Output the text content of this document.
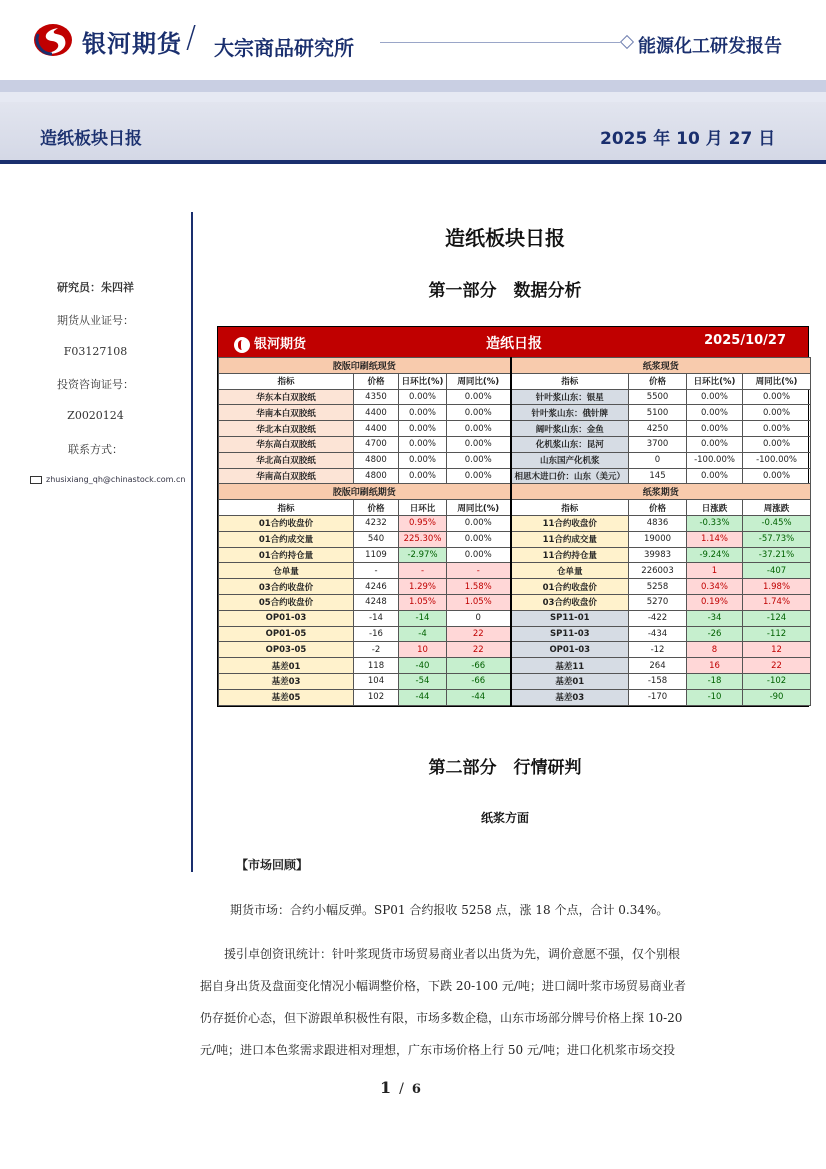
银河期货 / 大宗商品研究所	能源化工研发报告
造纸板块日报	2025 年 10 月 27 日
研究员：朱四祥
期货从业证号：
F03127108
投资咨询证号：
Z0020124
联系方式：
zhusixiang_qh@chinastock.com.cn
造纸板块日报
第一部分　数据分析
造纸日报
银河期货	2025/10/27
胶版印刷纸现货				纸浆现货			
指标	价格	日环比(%)	周同比(%)	指标	价格	日环比(%)	周同比(%)
华东本白双胶纸	4350	0.00%	0.00%	针叶浆山东：银星	5500	0.00%	0.00%
华南本白双胶纸	4400	0.00%	0.00%	针叶浆山东：俄针牌	5100	0.00%	0.00%
华北本白双胶纸	4400	0.00%	0.00%	阔叶浆山东：金鱼	4250	0.00%	0.00%
华东高白双胶纸	4700	0.00%	0.00%	化机浆山东：昆河	3700	0.00%	0.00%
华北高白双胶纸	4800	0.00%	0.00%	山东国产化机浆	0	-100.00%	-100.00%
华南高白双胶纸	4800	0.00%	0.00%	相思木进口价：山东（美元）	145	0.00%	0.00%
胶版印刷纸期货				纸浆期货			
指标	价格	日环比	周同比(%)	指标	价格	日涨跌	周涨跌
01合约收盘价	4232	0.95%	0.00%	11合约收盘价	4836	-0.33%	-0.45%
01合约成交量	540	225.30%	0.00%	11合约成交量	19000	1.14%	-57.73%
01合约持仓量	1109	-2.97%	0.00%	11合约持仓量	39983	-9.24%	-37.21%
仓单量	-	-	-	仓单量	226003	1	-407
03合约收盘价	4246	1.29%	1.58%	01合约收盘价	5258	0.34%	1.98%
05合约收盘价	4248	1.05%	1.05%	03合约收盘价	5270	0.19%	1.74%
OP01-03	-14	-14	0	SP11-01	-422	-34	-124
OP01-05	-16	-4	22	SP11-03	-434	-26	-112
OP03-05	-2	10	22	OP01-03	-12	8	12
基差01	118	-40	-66	基差11	264	16	22
基差03	104	-54	-66	基差01	-158	-18	-102
基差05	102	-44	-44	基差03	-170	-10	-90
第二部分　行情研判
纸浆方面
【市场回顾】
期货市场：合约小幅反弹。SP01 合约报收 5258 点，涨 18 个点，合计 0.34%。
　　援引卓创资讯统计：针叶浆现货市场贸易商业者以出货为先，调价意愿不强，仅个别根
据自身出货及盘面变化情况小幅调整价格，下跌 20-100 元/吨；进口阔叶浆市场贸易商业者
仍存挺价心态，但下游跟单积极性有限，市场多数企稳，山东市场部分牌号价格上探 10-20
元/吨；进口本色浆需求跟进相对理想，广东市场价格上行 50 元/吨；进口化机浆市场交投
1 / 6
